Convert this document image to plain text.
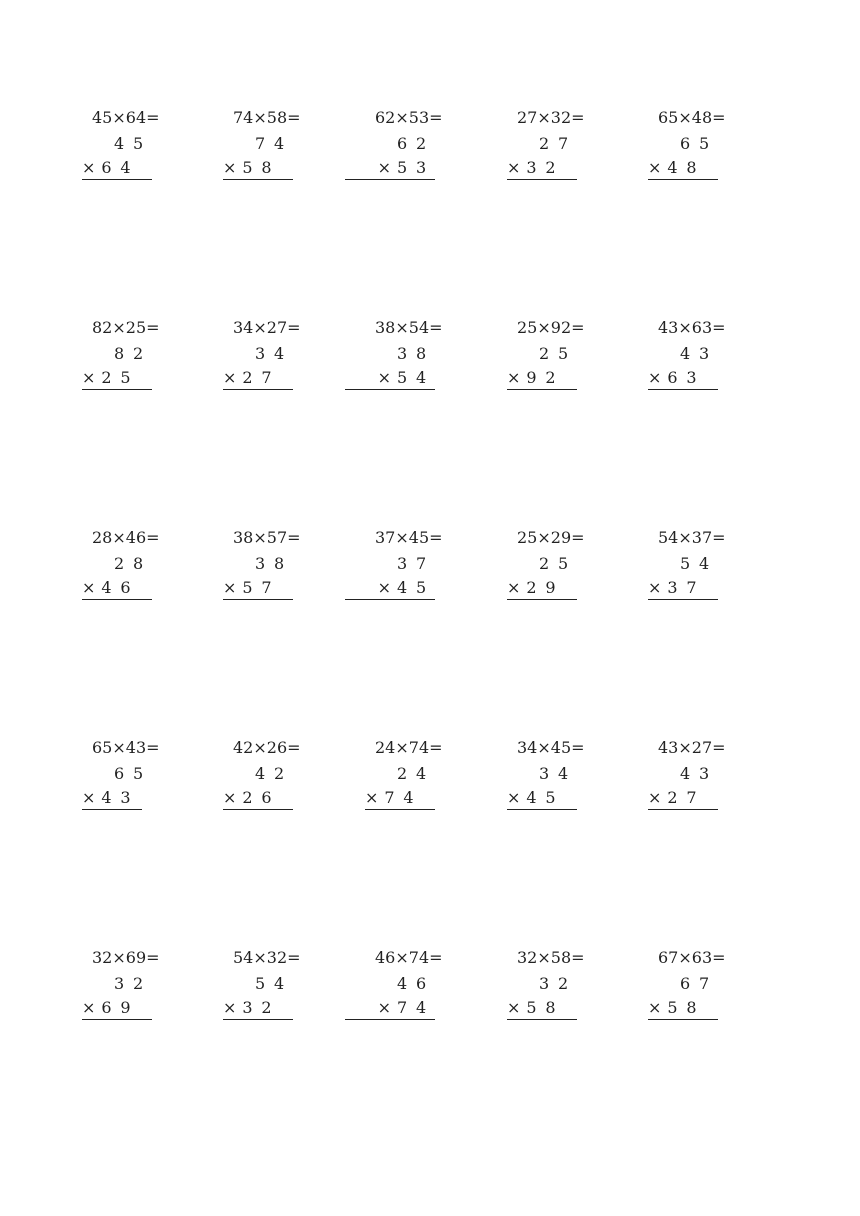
45×64=
45
× 64
74×58=
74
× 58
62×53=
62
× 53
27×32=
27
× 32
65×48=
65
× 48
82×25=
82
× 25
34×27=
34
× 27
38×54=
38
× 54
25×92=
25
× 92
43×63=
43
× 63
28×46=
28
× 46
38×57=
38
× 57
37×45=
37
× 45
25×29=
25
× 29
54×37=
54
× 37
65×43=
65
× 43
42×26=
42
× 26
24×74=
24
× 74
34×45=
34
× 45
43×27=
43
× 27
32×69=
32
× 69
54×32=
54
× 32
46×74=
46
× 74
32×58=
32
× 58
67×63=
67
× 58
